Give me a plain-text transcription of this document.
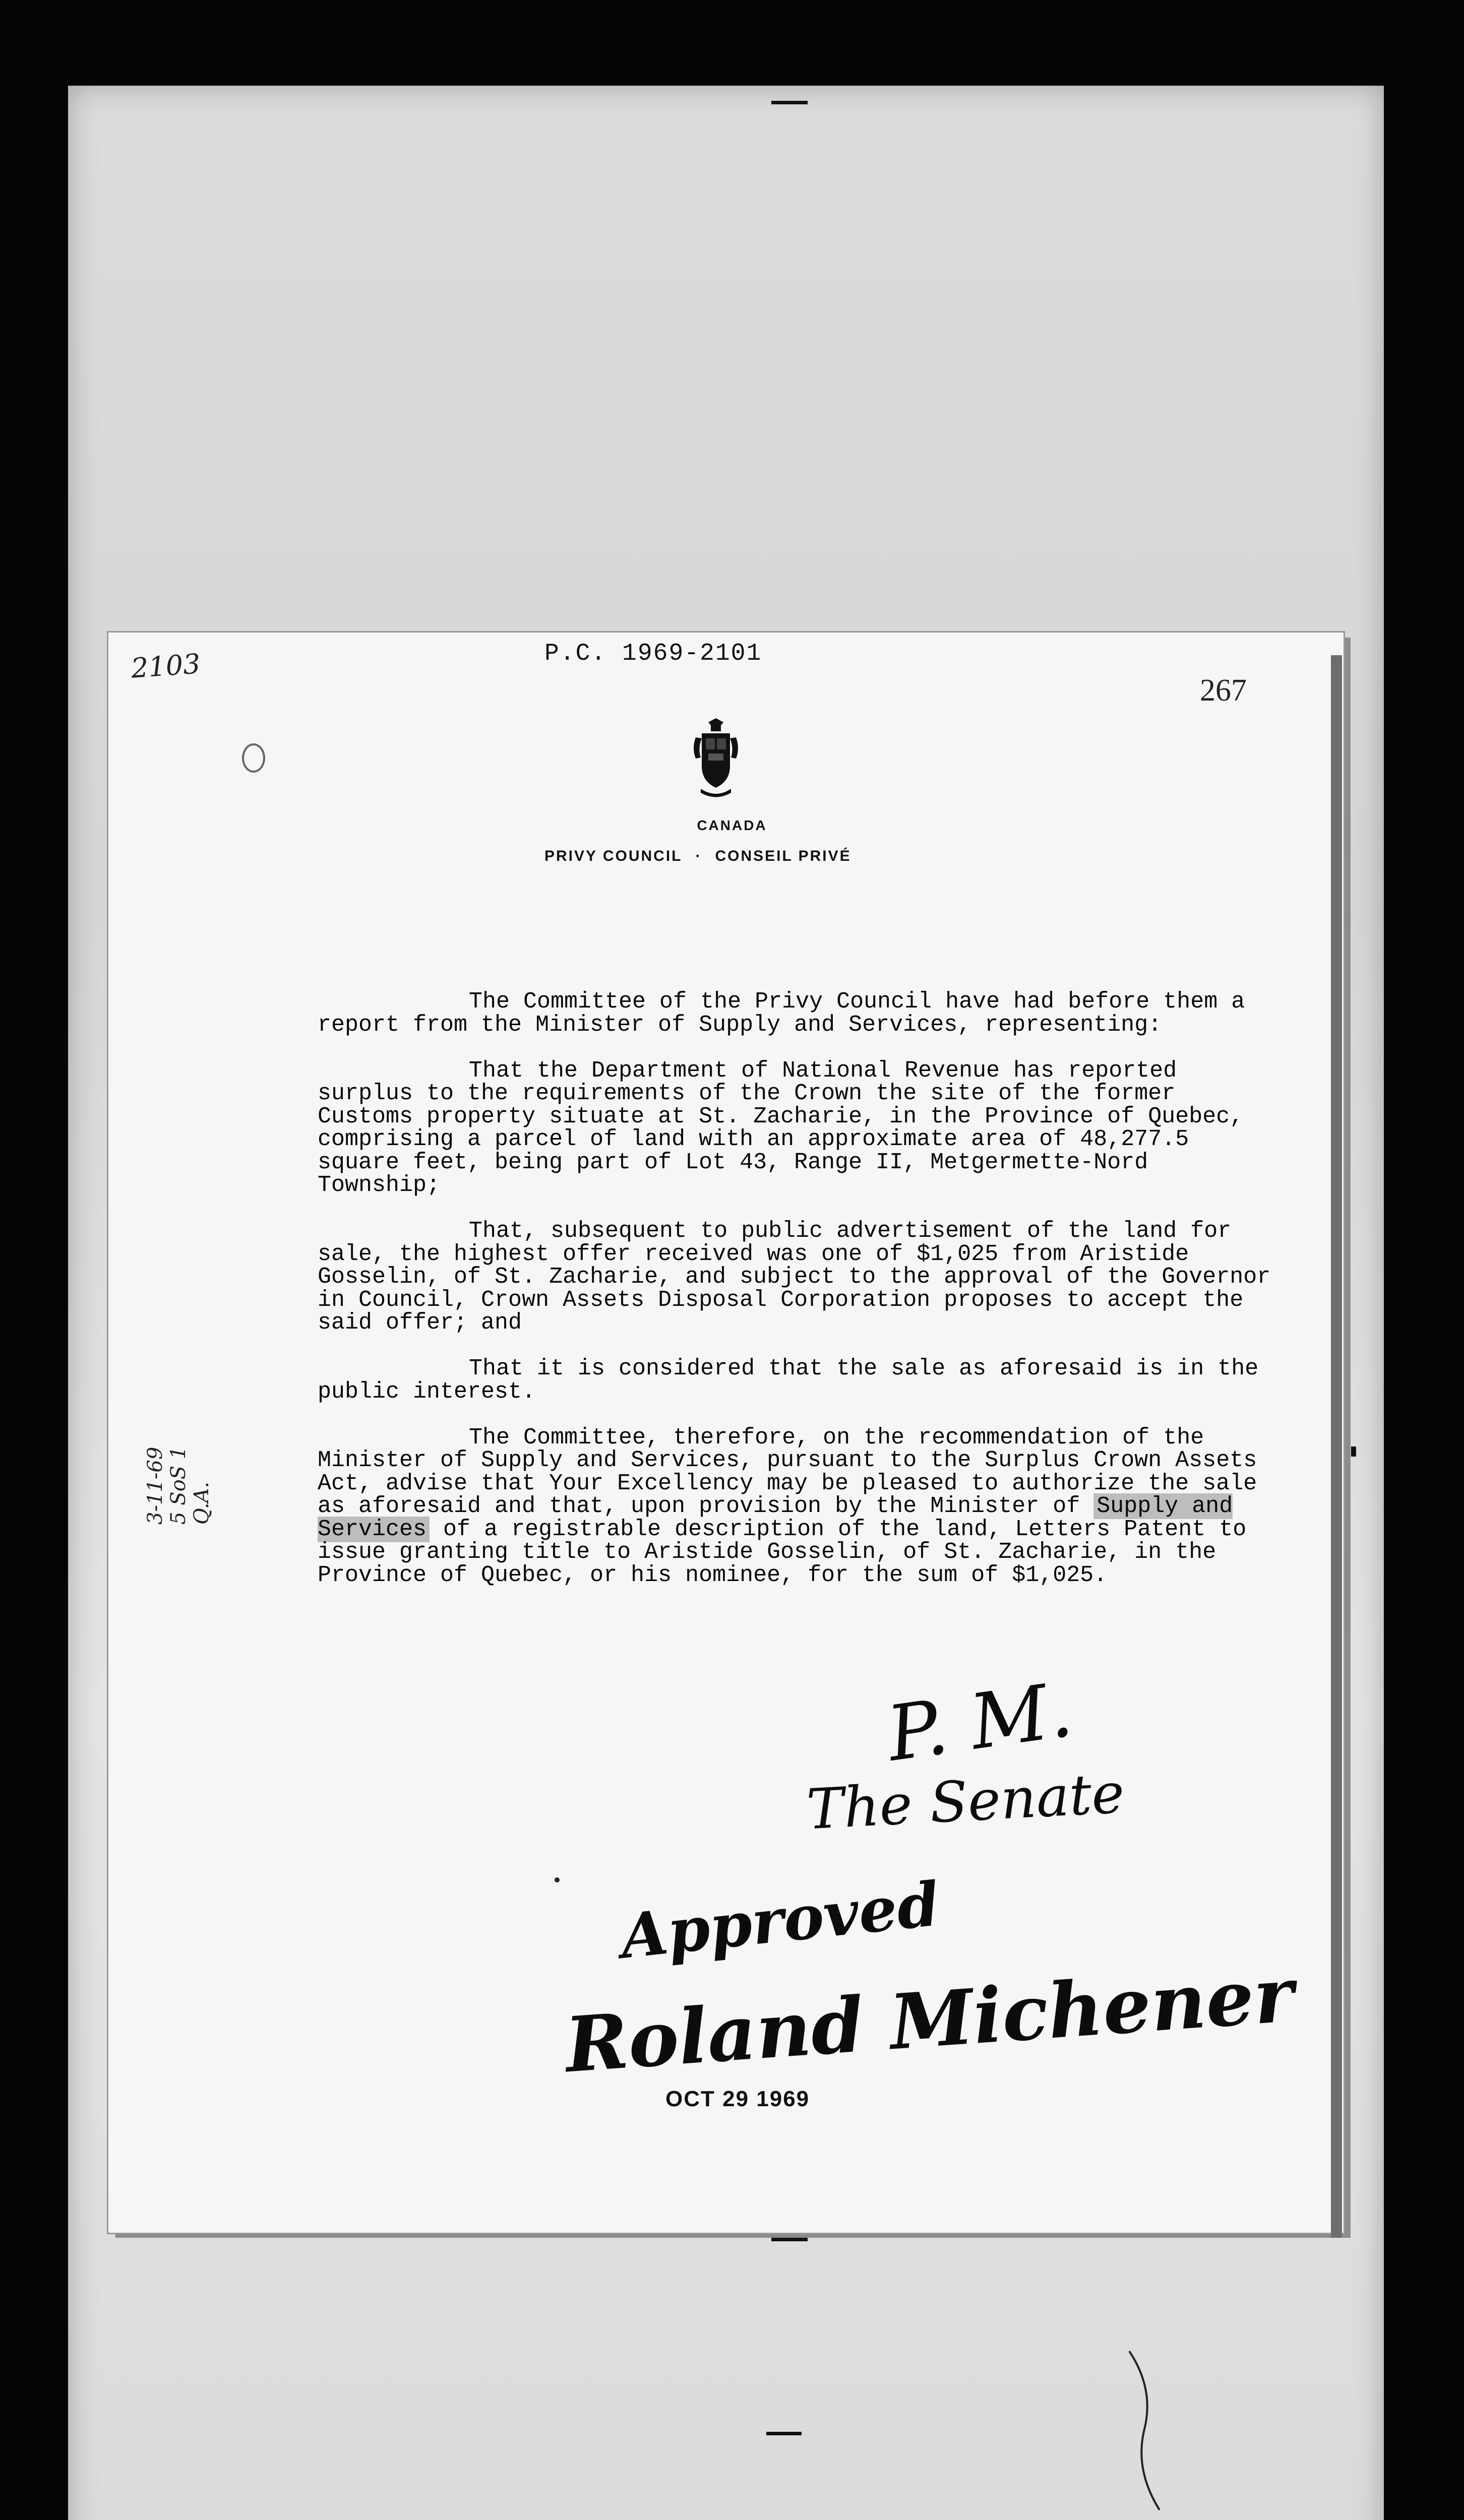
2103	P.C. 1969-2101
267
CANADA
PRIVY COUNCIL · CONSEIL PRIVÉ

The Committee of the Privy Council have had before them a report from the Minister of Supply and Services, representing:

That the Department of National Revenue has reported surplus to the requirements of the Crown the site of the former Customs property situate at St. Zacharie, in the Province of Quebec, comprising a parcel of land with an approximate area of 48,277.5 square feet, being part of Lot 43, Range II, Metgermette-Nord Township;

That, subsequent to public advertisement of the land for sale, the highest offer received was one of $1,025 from Aristide Gosselin, of St. Zacharie, and subject to the approval of the Governor in Council, Crown Assets Disposal Corporation proposes to accept the said offer; and

That it is considered that the sale as aforesaid is in the public interest.

The Committee, therefore, on the recommendation of the Minister of Supply and Services, pursuant to the Surplus Crown Assets Act, advise that Your Excellency may be pleased to authorize the sale as aforesaid and that, upon provision by the Minister of Supply and Services of a registrable description of the land, Letters Patent to issue granting title to Aristide Gosselin, of St. Zacharie, in the Province of Quebec, or his nominee, for the sum of $1,025.

3-11-69 5 SoS 1 Q.A.
P. M.
The Senate
Approved
Roland Michener
OCT 29 1969
